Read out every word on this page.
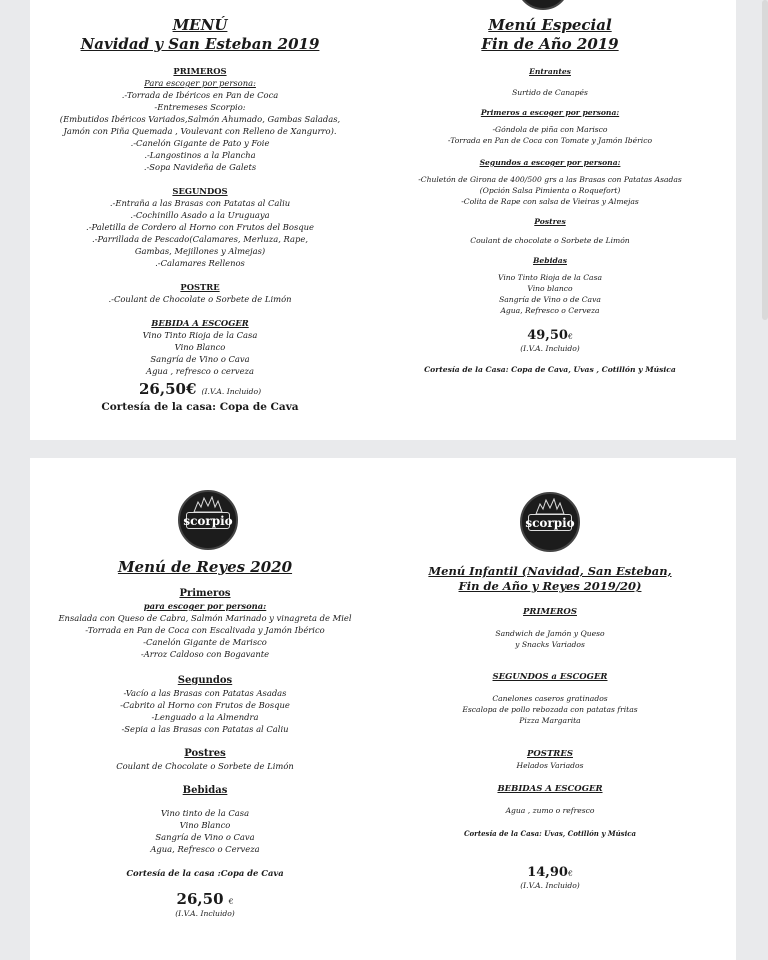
MENÚ
Navidad y San Esteban 2019
PRIMEROS
Para escoger por persona:
.-Torrada de Ibéricos en Pan de Coca
-Entremeses Scorpio:
(Embutidos Ibéricos Variados,Salmón Ahumado, Gambas Saladas,
Jamón con Piña Quemada , Voulevant con Relleno de Xangurro).
.-Canelón Gigante de Pato y Foie
.-Langostinos a la Plancha
.-Sopa Navideña de Galets
SEGUNDOS
.-Entraña a las Brasas con Patatas al Caliu
.-Cochinillo Asado a la Uruguaya
.-Paletilla de Cordero al Horno con Frutos del Bosque
.-Parrillada de Pescado(Calamares, Merluza, Rape,
Gambas, Mejillones y Almejas)
.-Calamares Rellenos
POSTRE
.-Coulant de Chocolate o Sorbete de Limón
BEBIDA A ESCOGER
Vino Tinto Rioja de la Casa
Vino Blanco
Sangría de Vino o Cava
Agua , refresco o cerveza
26,50€ (I.V.A. Incluido)
Cortesía de la casa: Copa de Cava
Menú Especial
Fin de Año 2019
Entrantes
Surtido de Canapés
Primeros a escoger por persona:
-Góndola de piña con Marisco
-Torrada en Pan de Coca con Tomate y Jamón Ibérico
Segundos a escoger por persona:
-Chuletón de Girona de 400/500 grs a las Brasas con Patatas Asadas
(Opción Salsa Pimienta o Roquefort)
-Colita de Rape con salsa de Vieiras y Almejas
Postres
Coulant de chocolate o Sorbete de Limón
Bebidas
Vino Tinto Rioja de la Casa
Vino blanco
Sangría de Vino o de Cava
Agua, Refresco o Cerveza
49,50€
(I.V.A. Incluido)
Cortesía de la Casa: Copa de Cava, Uvas , Cotillón y Música
scorpio
Menú de Reyes 2020
Primeros
para escoger por persona:
Ensalada con Queso de Cabra, Salmón Marinado y vinagreta de Miel
-Torrada en Pan de Coca con Escalivada y Jamón Ibérico
-Canelón Gigante de Marisco
-Arroz Caldoso con Bogavante
Segundos
-Vacío a las Brasas con Patatas Asadas
-Cabrito al Horno con Frutos de Bosque
-Lenguado a la Almendra
-Sepia a las Brasas con Patatas al Caliu
Postres
Coulant de Chocolate o Sorbete de Limón
Bebidas
Vino tinto de la Casa
Vino Blanco
Sangría de Vino o Cava
Agua, Refresco o Cerveza
Cortesía de la casa :Copa de Cava
26,50 €
(I.V.A. Incluido)
scorpio
Menú Infantil (Navidad, San Esteban,
Fin de Año y Reyes 2019/20)
PRIMEROS
Sandwich de Jamón y Queso
y Snacks Variados
SEGUNDOS a ESCOGER
Canelones caseros gratinados
Escalopa de pollo rebozada con patatas fritas
Pizza Margarita
POSTRES
Helados Variados
BEBIDAS A ESCOGER
Agua , zumo o refresco
Cortesía de la Casa: Uvas, Cotillón y Música
14,90€
(I.V.A. Incluido)
